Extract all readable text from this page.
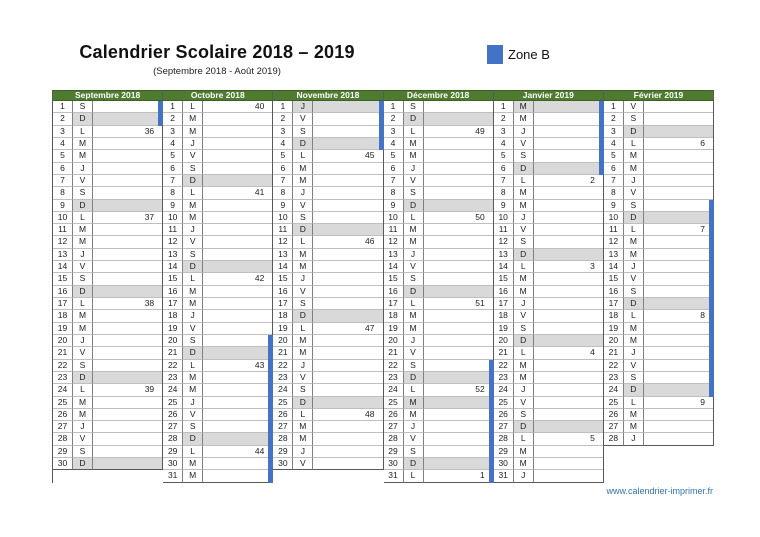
Calendrier Scolaire 2018 – 2019
(Septembre 2018 - Août 2019)
Zone B
Septembre 2018
1	S
2	D
3	L	36
4	M
5	M
6	J
7	V
8	S
9	D
10	L	37
11	M
12	M
13	J
14	V
15	S
16	D
17	L	38
18	M
19	M
20	J
21	V
22	S
23	D
24	L	39
25	M
26	M
27	J
28	V
29	S
30	D
Octobre 2018
1	L	40
2	M
3	M
4	J
5	V
6	S
7	D
8	L	41
9	M
10	M
11	J
12	V
13	S
14	D
15	L	42
16	M
17	M
18	J
19	V
20	S
21	D
22	L	43
23	M
24	M
25	J
26	V
27	S
28	D
29	L	44
30	M
31	M
Novembre 2018
1	J
2	V
3	S
4	D
5	L	45
6	M
7	M
8	J
9	V
10	S
11	D
12	L	46
13	M
14	M
15	J
16	V
17	S
18	D
19	L	47
20	M
21	M
22	J
23	V
24	S
25	D
26	L	48
27	M
28	M
29	J
30	V
Décembre 2018
1	S
2	D
3	L	49
4	M
5	M
6	J
7	V
8	S
9	D
10	L	50
11	M
12	M
13	J
14	V
15	S
16	D
17	L	51
18	M
19	M
20	J
21	V
22	S
23	D
24	L	52
25	M
26	M
27	J
28	V
29	S
30	D
31	L	1
Janvier 2019
1	M
2	M
3	J
4	V
5	S
6	D
7	L	2
8	M
9	M
10	J
11	V
12	S
13	D
14	L	3
15	M
16	M
17	J
18	V
19	S
20	D
21	L	4
22	M
23	M
24	J
25	V
26	S
27	D
28	L	5
29	M
30	M
31	J
Février 2019
1	V
2	S
3	D
4	L	6
5	M
6	M
7	J
8	V
9	S
10	D
11	L	7
12	M
13	M
14	J
15	V
16	S
17	D
18	L	8
19	M
20	M
21	J
22	V
23	S
24	D
25	L	9
26	M
27	M
28	J
www.calendrier-imprimer.fr
